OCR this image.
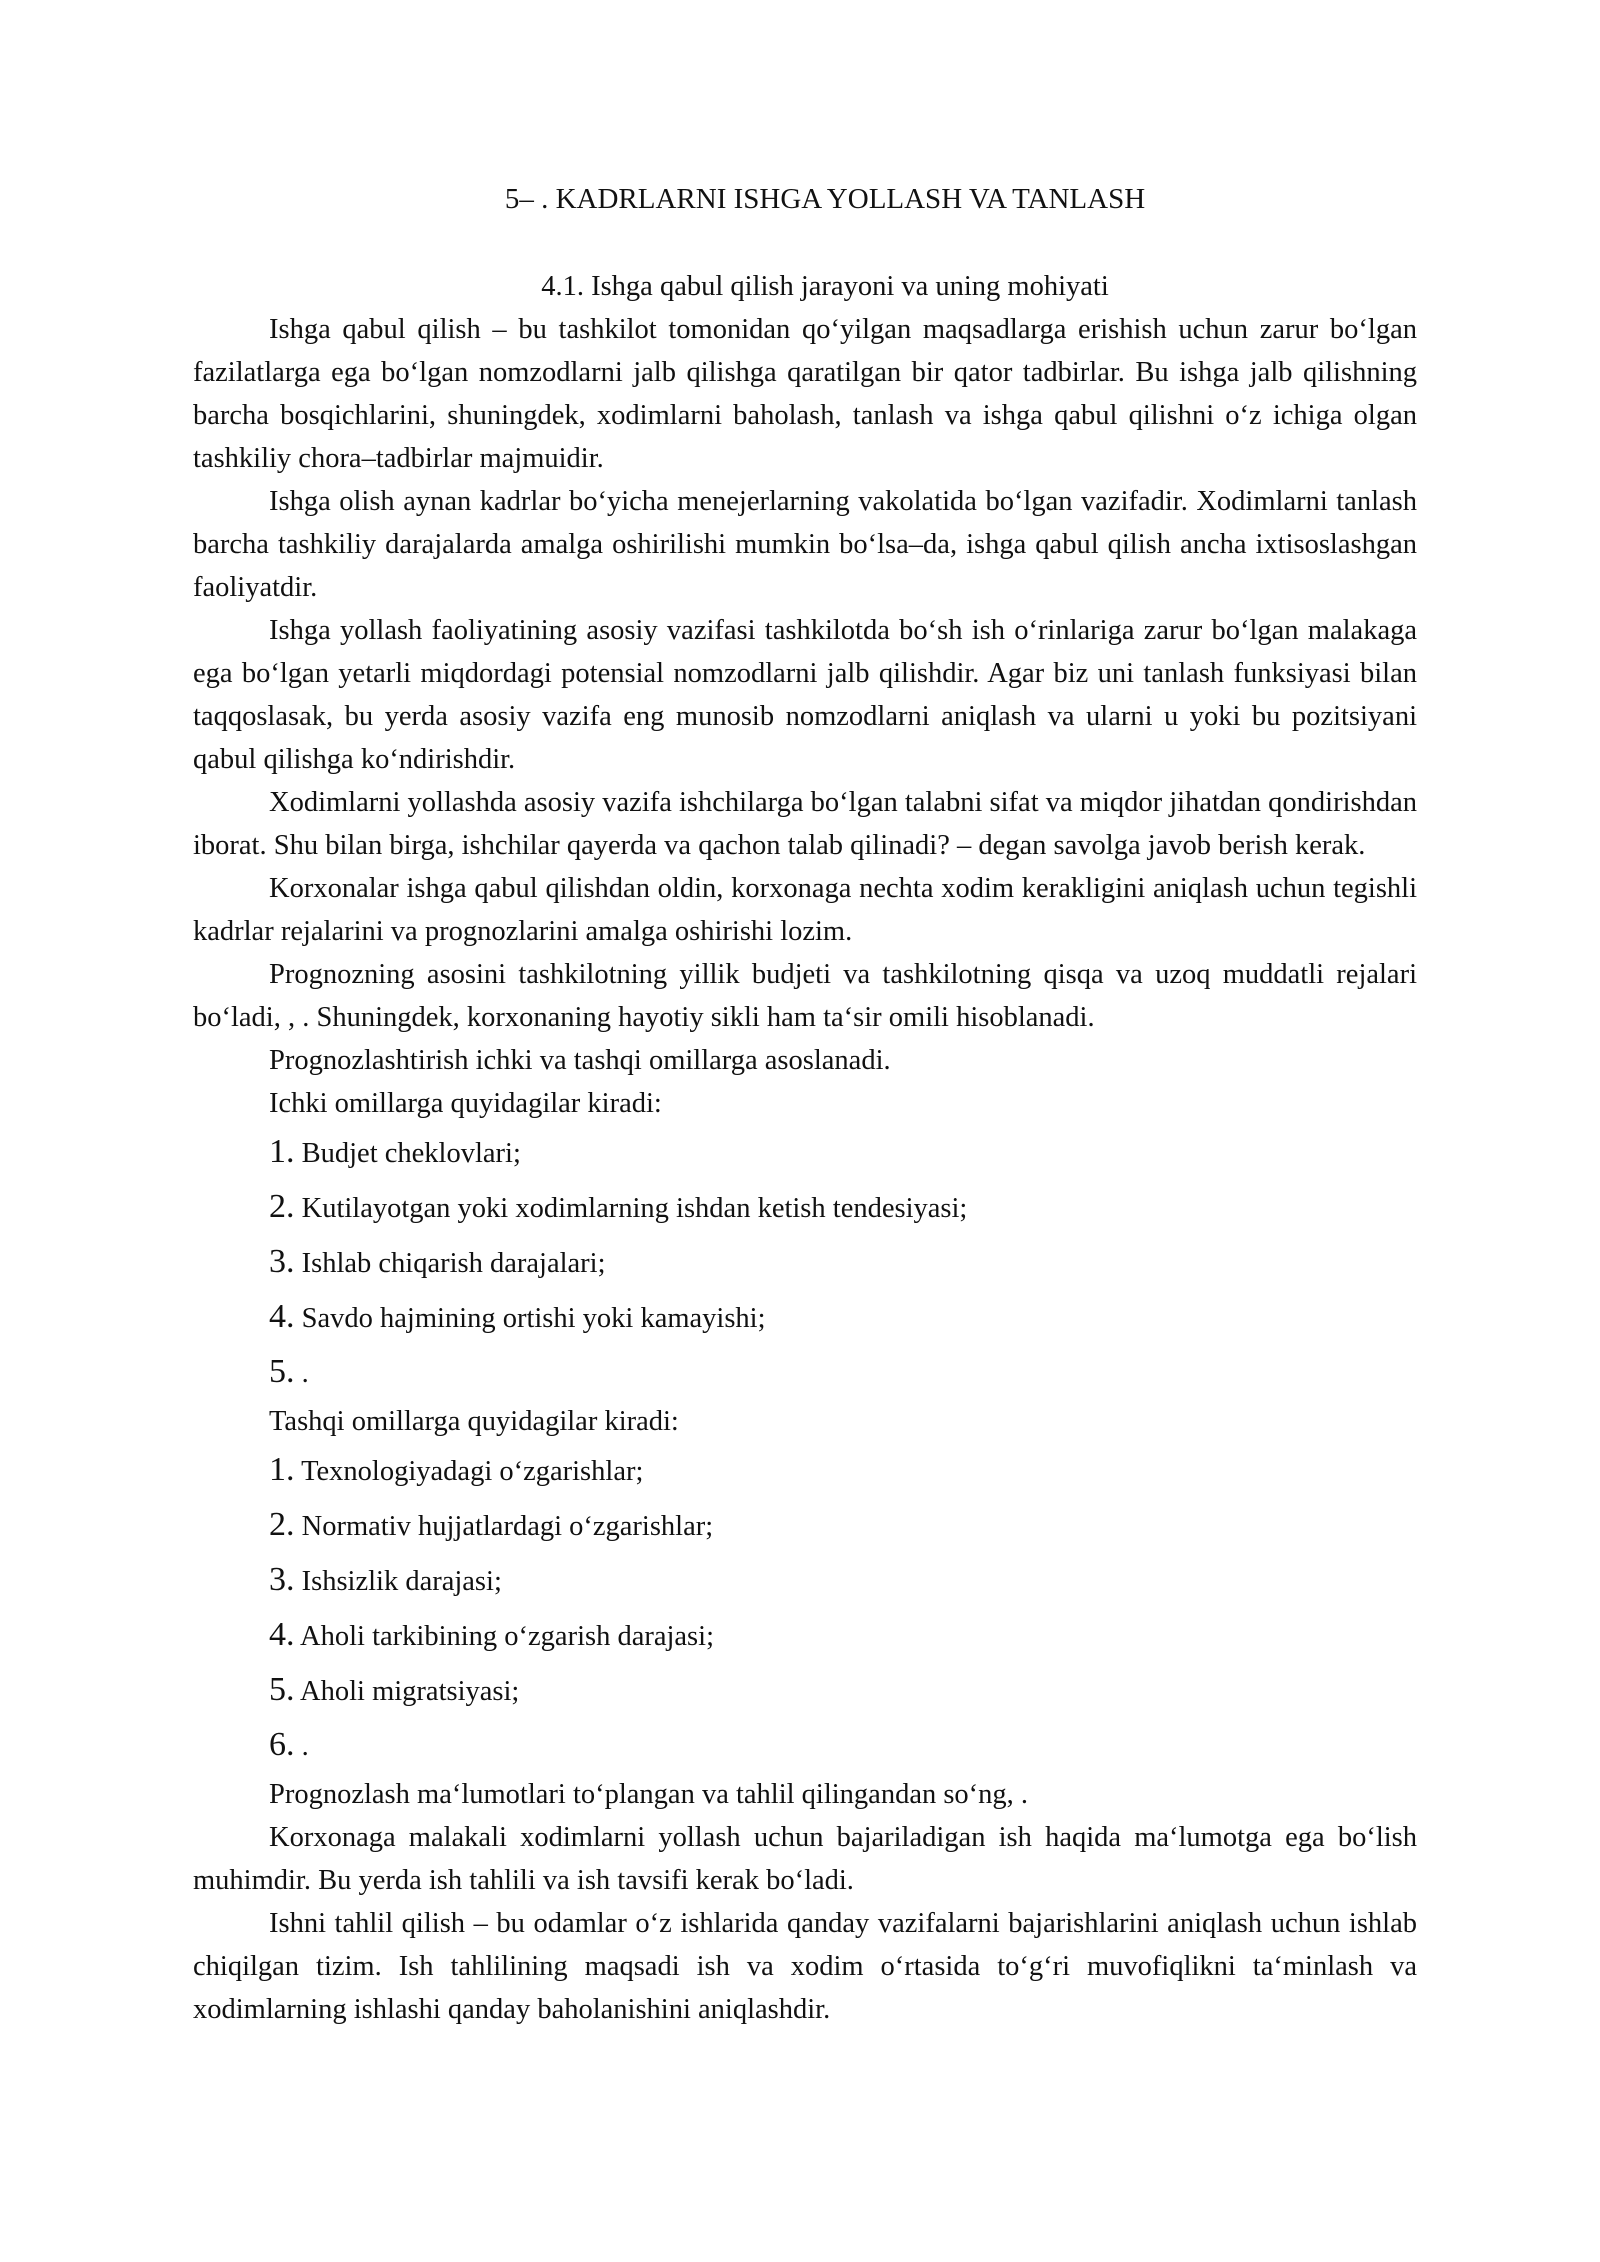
5– . KADRLARNI ISHGA YOLLASH VA TANLASH
4.1. Ishga qabul qilish jarayoni va uning mohiyati

Ishga qabul qilish – bu tashkilot tomonidan qo‘yilgan maqsadlarga erishish uchun zarur bo‘lgan fazilatlarga ega bo‘lgan nomzodlarni jalb qilishga qaratilgan bir qator tadbirlar. Bu ishga jalb qilishning barcha bosqichlarini, shuningdek, xodimlarni baholash, tanlash va ishga qabul qilishni o‘z ichiga olgan tashkiliy chora–tadbirlar majmuidir.

Ishga olish aynan kadrlar bo‘yicha menejerlarning vakolatida bo‘lgan vazifadir. Xodimlarni tanlash barcha tashkiliy darajalarda amalga oshirilishi mumkin bo‘lsa–da, ishga qabul qilish ancha ixtisoslashgan faoliyatdir.

Ishga yollash faoliyatining asosiy vazifasi tashkilotda bo‘sh ish o‘rinlariga zarur bo‘lgan malakaga ega bo‘lgan yetarli miqdordagi potensial nomzodlarni jalb qilishdir. Agar biz uni tanlash funksiyasi bilan taqqoslasak, bu yerda asosiy vazifa eng munosib nomzodlarni aniqlash va ularni u yoki bu pozitsiyani qabul qilishga ko‘ndirishdir.

Xodimlarni yollashda asosiy vazifa ishchilarga bo‘lgan talabni sifat va miqdor jihatdan qondirishdan iborat. Shu bilan birga, ishchilar qayerda va qachon talab qilinadi? – degan savolga javob berish kerak.

Korxonalar ishga qabul qilishdan oldin, korxonaga nechta xodim kerakligini aniqlash uchun tegishli kadrlar rejalarini va prognozlarini amalga oshirishi lozim.

Prognozning asosini tashkilotning yillik budjeti va tashkilotning qisqa va uzoq muddatli rejalari bo‘ladi, , . Shuningdek, korxonaning hayotiy sikli ham ta‘sir omili hisoblanadi.

Prognozlashtirish ichki va tashqi omillarga asoslanadi.

Ichki omillarga quyidagilar kiradi:

1. Budjet cheklovlari;
2. Kutilayotgan yoki xodimlarning ishdan ketish tendesiyasi;
3. Ishlab chiqarish darajalari;
4. Savdo hajmining ortishi yoki kamayishi;
5. .

Tashqi omillarga quyidagilar kiradi:

1. Texnologiyadagi o‘zgarishlar;
2. Normativ hujjatlardagi o‘zgarishlar;
3. Ishsizlik darajasi;
4. Aholi tarkibining o‘zgarish darajasi;
5. Aholi migratsiyasi;
6. .

Prognozlash ma‘lumotlari to‘plangan va tahlil qilingandan so‘ng, .

Korxonaga malakali xodimlarni yollash uchun bajariladigan ish haqida ma‘lumotga ega bo‘lish muhimdir. Bu yerda ish tahlili va ish tavsifi kerak bo‘ladi.

Ishni tahlil qilish – bu odamlar o‘z ishlarida qanday vazifalarni bajarishlarini aniqlash uchun ishlab chiqilgan tizim. Ish tahlilining maqsadi ish va xodim o‘rtasida to‘g‘ri muvofiqlikni ta‘minlash va xodimlarning ishlashi qanday baholanishini aniqlashdir.
